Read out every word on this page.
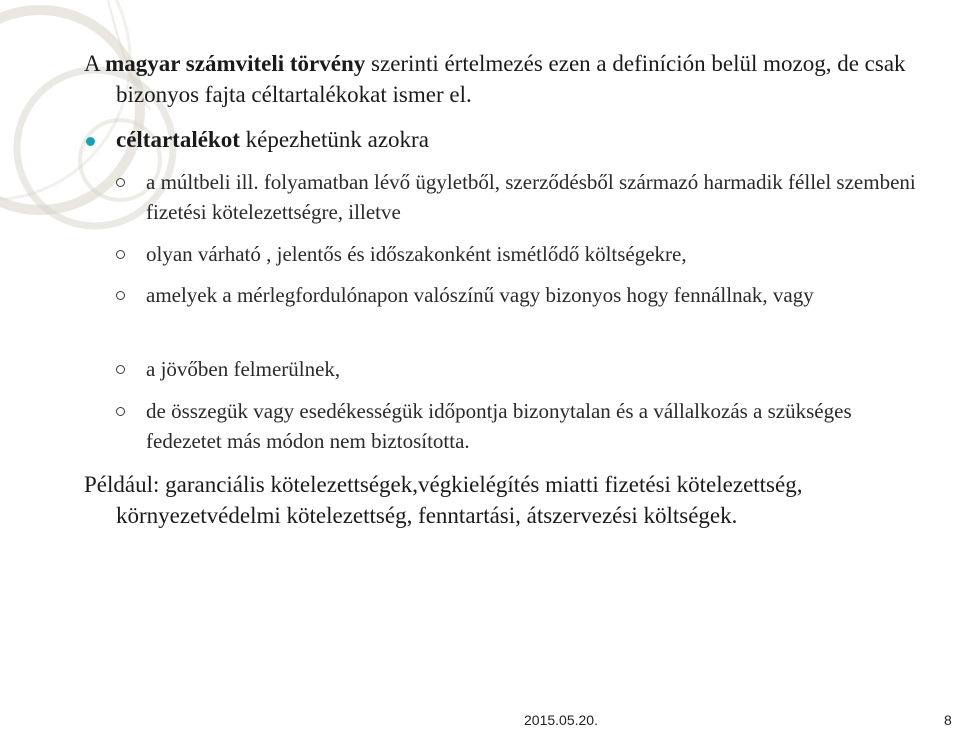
A magyar számviteli törvény szerinti értelmezés ezen a definíción belül mozog, de csak bizonyos fajta céltartalékokat ismer el.

céltartalékot képezhetünk azokra
a múltbeli ill. folyamatban lévő ügyletből, szerződésből származó harmadik féllel szembeni fizetési kötelezettségre, illetve
olyan várható , jelentős és időszakonként ismétlődő költségekre,
amelyek a mérlegfordulónapon valószínű vagy bizonyos hogy fennállnak, vagy
a jövőben felmerülnek,
de összegük vagy esedékességük időpontja bizonytalan és a vállalkozás a szükséges fedezetet más módon nem biztosította.

Például: garanciális kötelezettségek,végkielégítés miatti fizetési kötelezettség, környezetvédelmi kötelezettség, fenntartási, átszervezési költségek.

2015.05.20.	8
